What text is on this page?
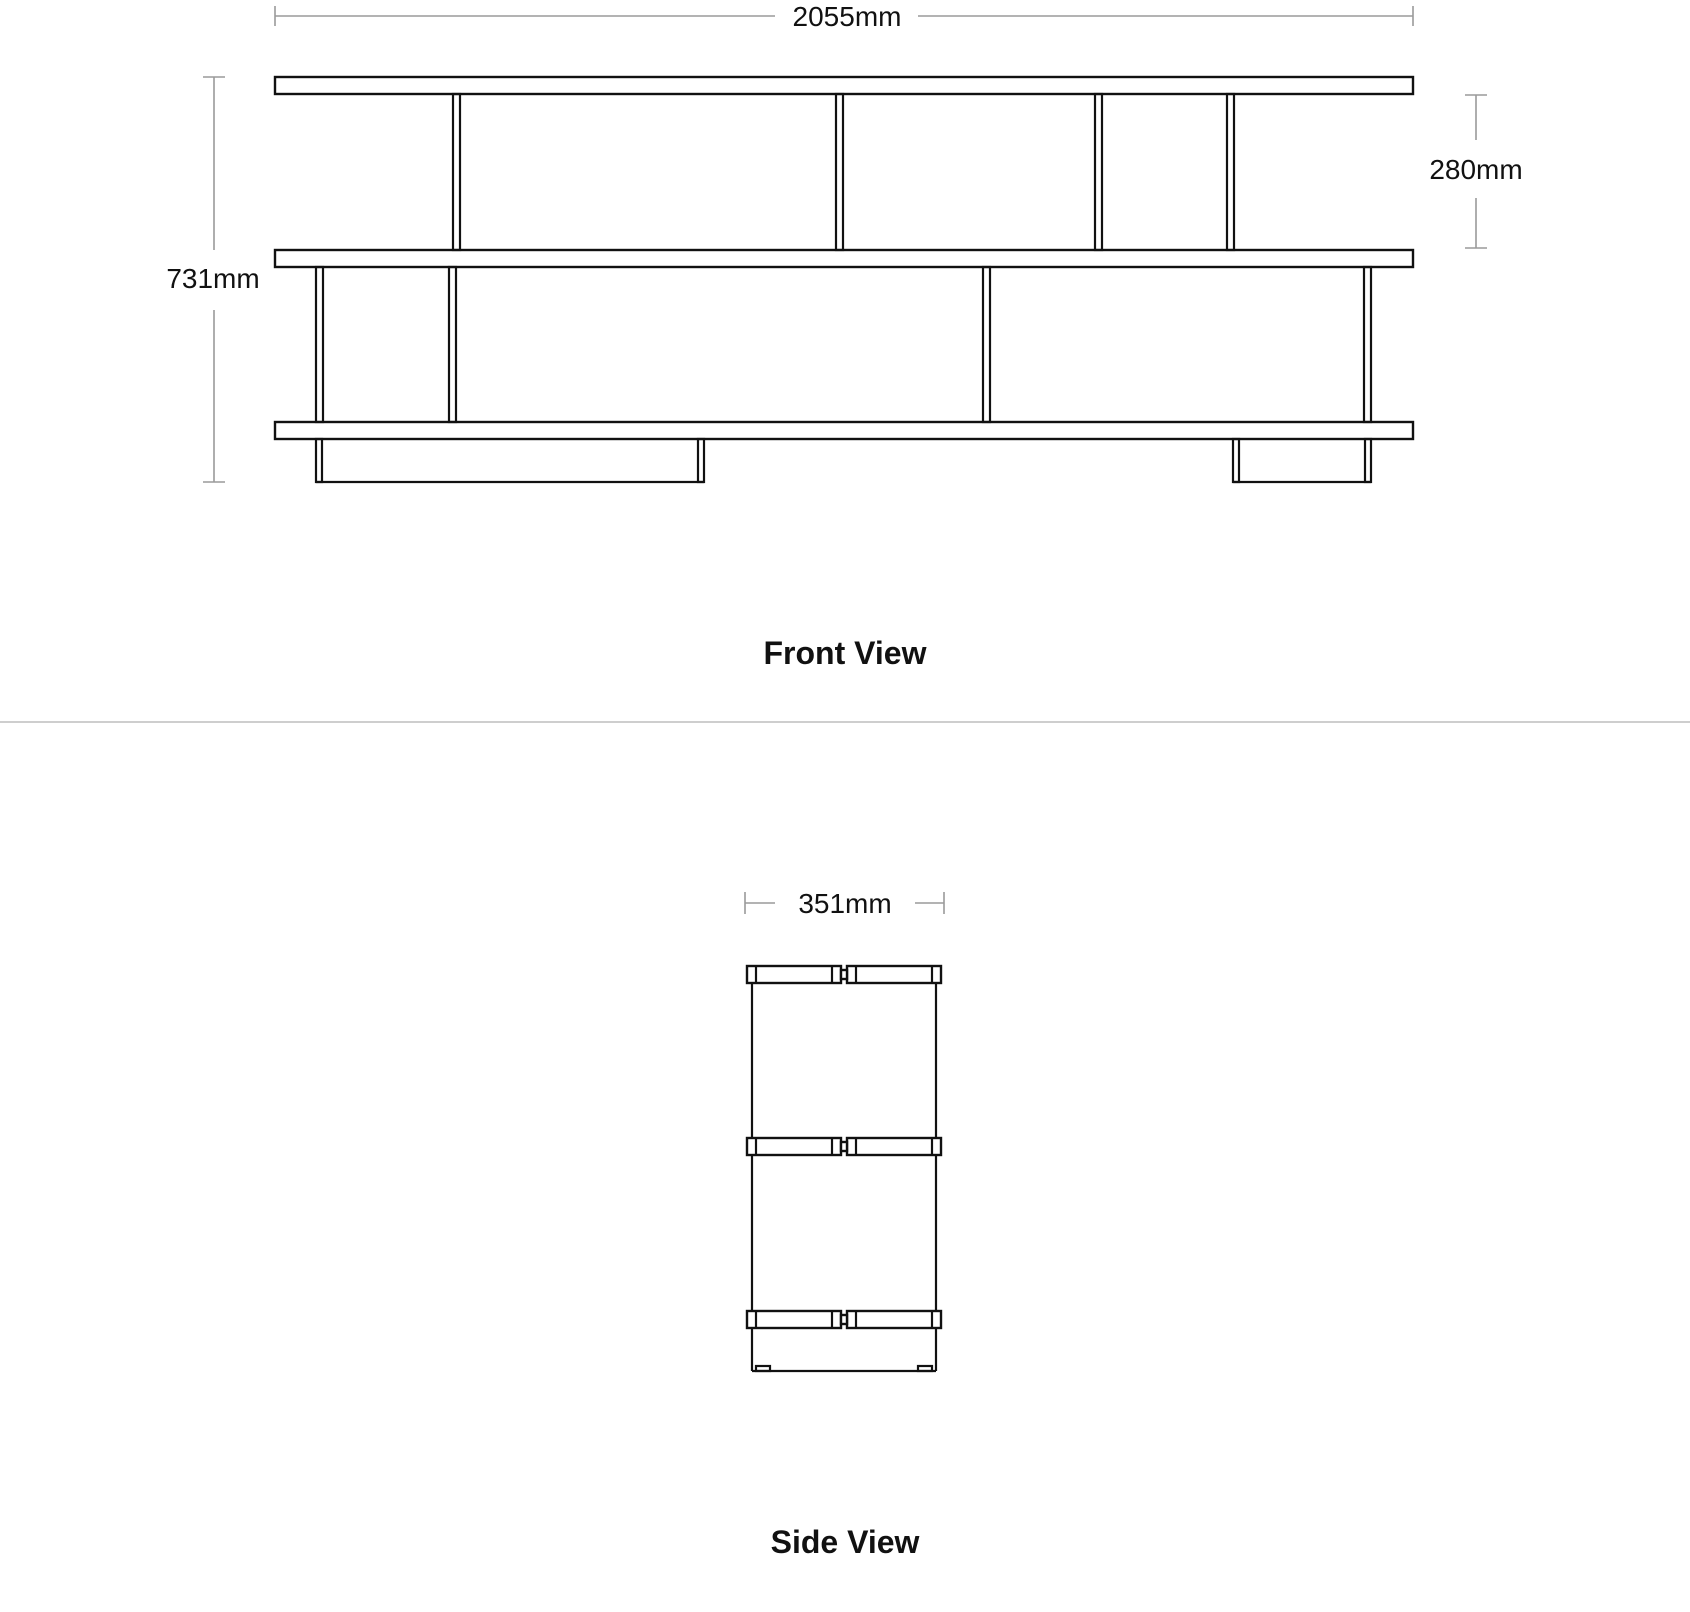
2055mm
731mm
280mm
Front View
351mm
Side View
